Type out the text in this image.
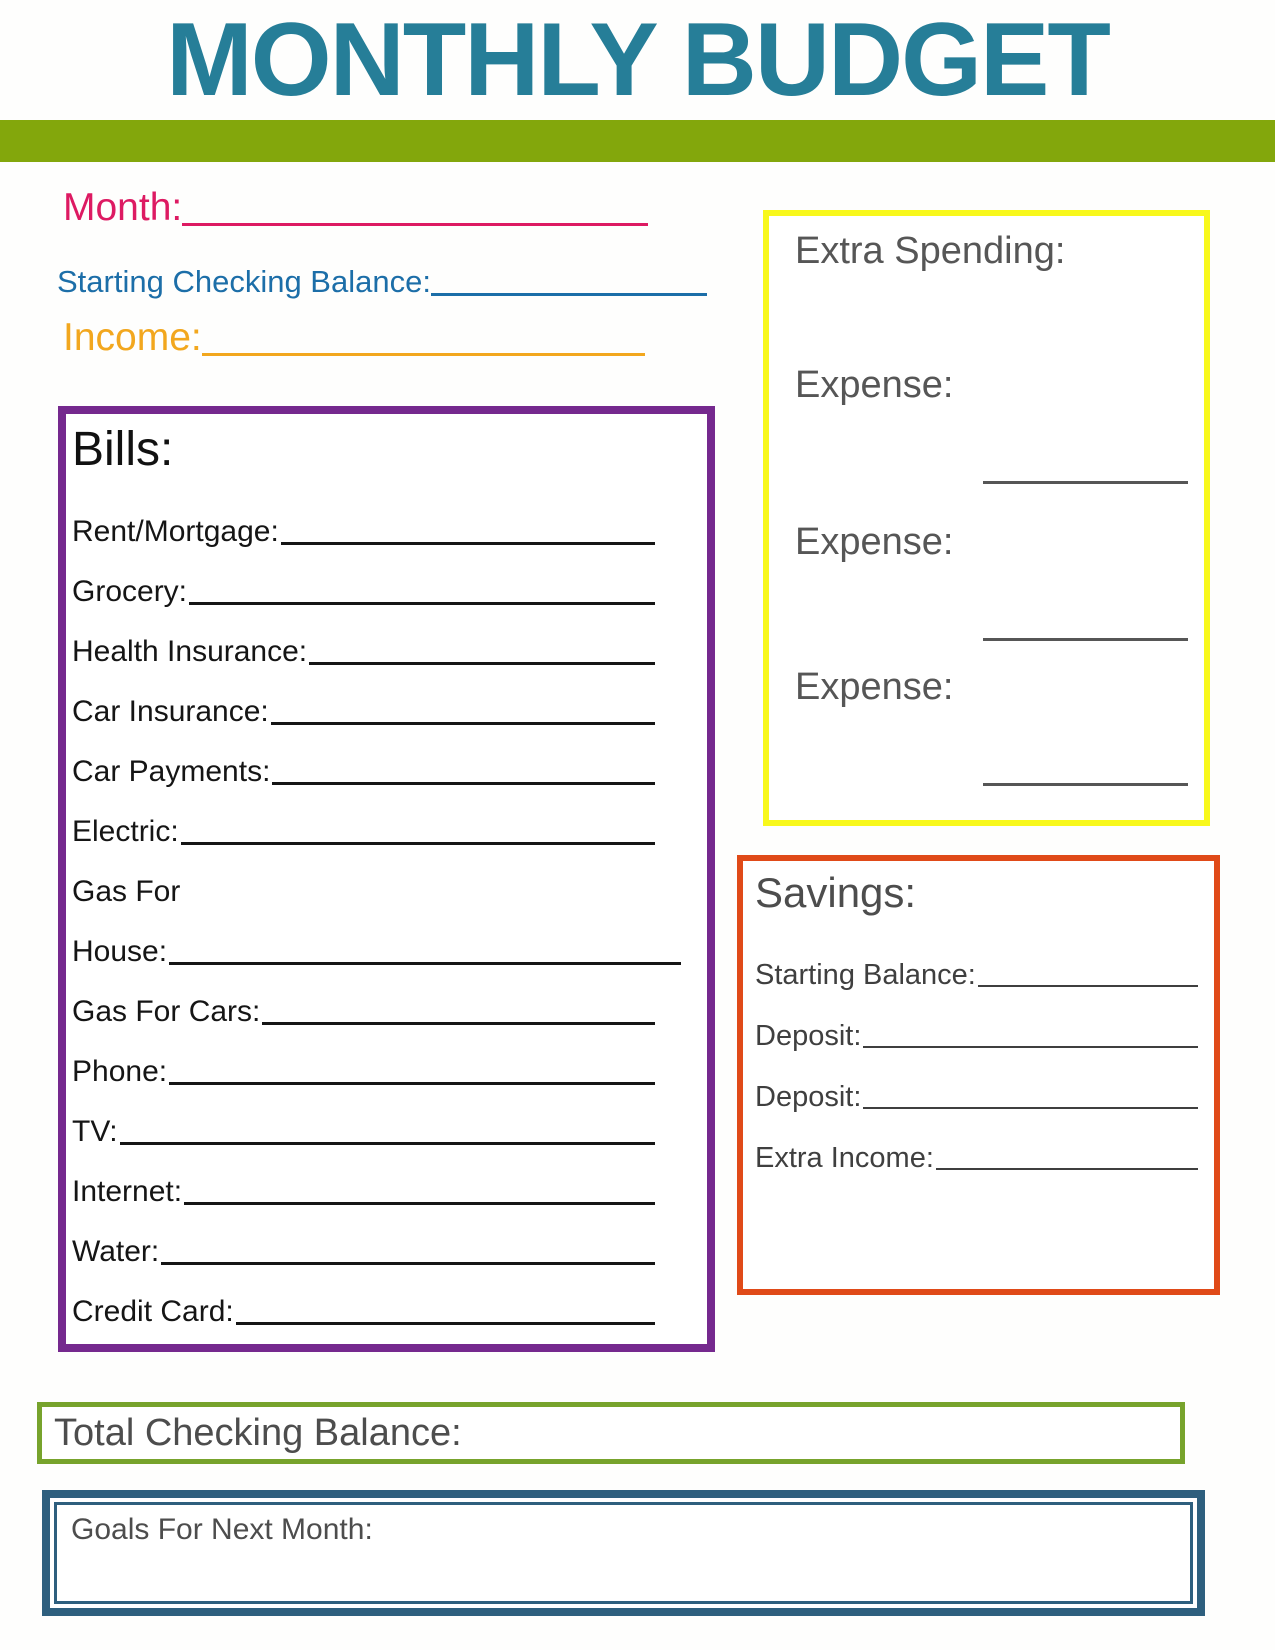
MONTHLY BUDGET
Month:
Starting Checking Balance:
Income:
Bills:
Rent/Mortgage:
Grocery:
Health Insurance:
Car Insurance:
Car Payments:
Electric:
Gas For
House:
Gas For Cars:
Phone:
TV:
Internet:
Water:
Credit Card:
Extra Spending:
Expense:
Expense:
Expense:
Savings:
Starting Balance:
Deposit:
Deposit:
Extra Income:
Total Checking Balance:
Goals For Next Month:
